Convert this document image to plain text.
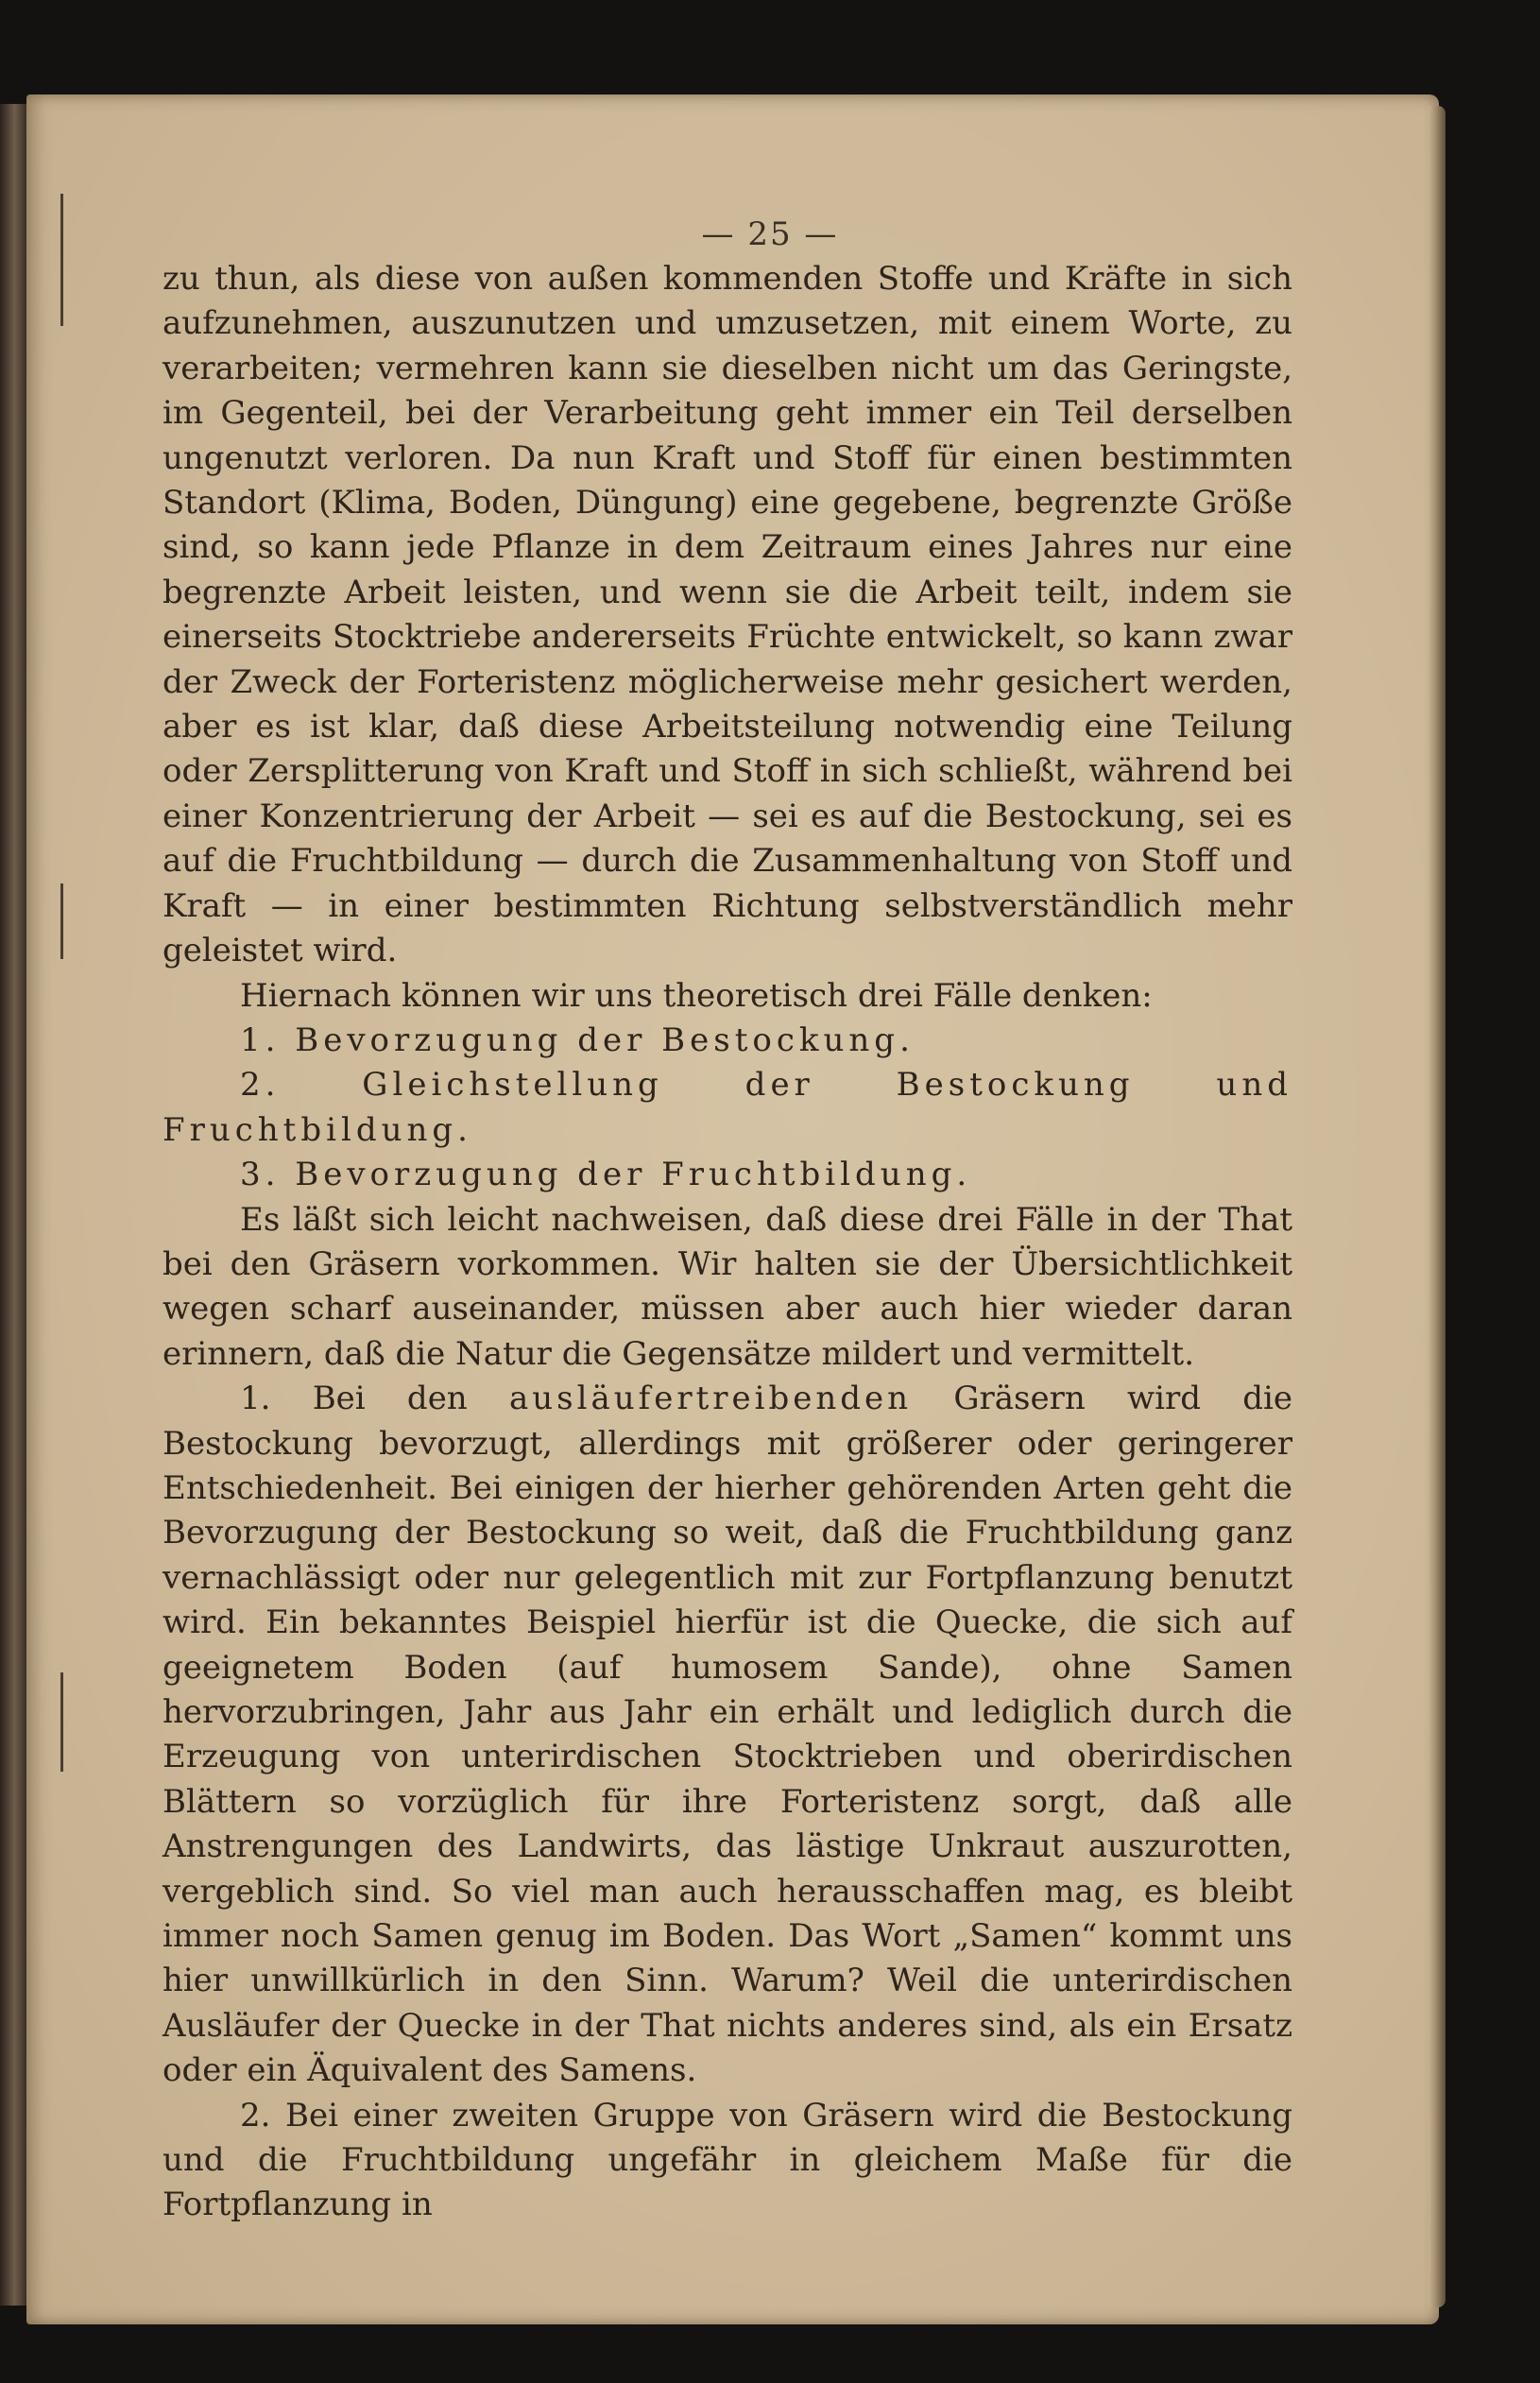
— 25 —

zu thun, als diese von außen kommenden Stoffe und Kräfte in sich aufzunehmen, auszunutzen und umzusetzen, mit einem Worte, zu verarbeiten; vermehren kann sie dieselben nicht um das Geringste, im Gegenteil, bei der Verarbeitung geht immer ein Teil derselben ungenutzt verloren. Da nun Kraft und Stoff für einen bestimmten Standort (Klima, Boden, Düngung) eine gegebene, begrenzte Größe sind, so kann jede Pflanze in dem Zeitraum eines Jahres nur eine begrenzte Arbeit leisten, und wenn sie die Arbeit teilt, indem sie einerseits Stocktriebe andererseits Früchte entwickelt, so kann zwar der Zweck der Forteristenz möglicherweise mehr gesichert werden, aber es ist klar, daß diese Arbeitsteilung notwendig eine Teilung oder Zersplitterung von Kraft und Stoff in sich schließt, während bei einer Konzentrierung der Arbeit — sei es auf die Bestockung, sei es auf die Fruchtbildung — durch die Zusammenhaltung von Stoff und Kraft — in einer bestimmten Richtung selbstverständlich mehr geleistet wird.

Hiernach können wir uns theoretisch drei Fälle denken:

1. Bevorzugung der Bestockung.

2. Gleichstellung der Bestockung und Fruchtbildung.

3. Bevorzugung der Fruchtbildung.

Es läßt sich leicht nachweisen, daß diese drei Fälle in der That bei den Gräsern vorkommen. Wir halten sie der Übersichtlichkeit wegen scharf auseinander, müssen aber auch hier wieder daran erinnern, daß die Natur die Gegensätze mildert und vermittelt.

1. Bei den ausläufertreibenden Gräsern wird die Bestockung bevorzugt, allerdings mit größerer oder geringerer Entschiedenheit. Bei einigen der hierher gehörenden Arten geht die Bevorzugung der Bestockung so weit, daß die Fruchtbildung ganz vernachlässigt oder nur gelegentlich mit zur Fortpflanzung benutzt wird. Ein bekanntes Beispiel hierfür ist die Quecke, die sich auf geeignetem Boden (auf humosem Sande), ohne Samen hervorzubringen, Jahr aus Jahr ein erhält und lediglich durch die Erzeugung von unterirdischen Stocktrieben und oberirdischen Blättern so vorzüglich für ihre Forteristenz sorgt, daß alle Anstrengungen des Landwirts, das lästige Unkraut auszurotten, vergeblich sind. So viel man auch herausschaffen mag, es bleibt immer noch Samen genug im Boden. Das Wort „Samen“ kommt uns hier unwillkürlich in den Sinn. Warum? Weil die unterirdischen Ausläufer der Quecke in der That nichts anderes sind, als ein Ersatz oder ein Äquivalent des Samens.

2. Bei einer zweiten Gruppe von Gräsern wird die Bestockung und die Fruchtbildung ungefähr in gleichem Maße für die Fortpflanzung in
